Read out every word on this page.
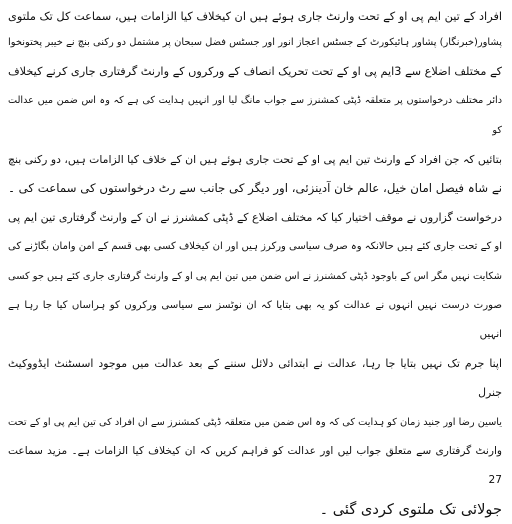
افراد کے تین ایم پی او کے تحت وارنٹ جاری ہوئے ہیں ان کیخلاف کیا الزامات ہیں، سماعت کل تک ملتوی
پشاور(خبرنگار) پشاور ہائیکورٹ کے جسٹس اعجاز انور اور جسٹس فضل سبحان پر مشتمل دو رکنی بنچ نے خیبر پختونخوا
کے مختلف اضلاع سے 3ایم پی او کے تحت تحریک انصاف کے ورکروں کے وارنٹ گرفتاری جاری کرنے کیخلاف
دائر مختلف درخواستوں پر متعلقہ ڈپٹی کمشنرز سے جواب مانگ لیا اور انہیں ہدایت کی ہے کہ وہ اس ضمن میں عدالت کو
بتائیں کہ جن افراد کے وارنٹ تین ایم پی او کے تحت جاری ہوئے ہیں ان کے خلاف کیا الزامات ہیں، دو رکنی بنچ
نے شاہ فیصل امان خیل، عالم خان آدینزئی، اور دیگر کی جانب سے رٹ درخواستوں کی سماعت کی ۔
درخواست گزاروں نے موقف اختیار کیا کہ مختلف اضلاع کے ڈپٹی کمشنرز نے ان کے وارنٹ گرفتاری تین ایم پی
او کے تحت جاری کئے ہیں حالانکہ وہ صرف سیاسی ورکرز ہیں اور ان کیخلاف کسی بھی قسم کے امن وامان بگاڑنے کی
شکایت نہیں مگر اس کے باوجود ڈپٹی کمشنرز نے اس ضمن میں تین ایم پی او کے وارنٹ گرفتاری جاری کئے ہیں جو کسی
صورت درست نہیں انہوں نے عدالت کو یہ بھی بتایا کہ ان نوٹسز سے سیاسی ورکروں کو ہراساں کیا جا رہا ہے انہیں
اپنا جرم تک نہیں بتایا جا رہا، عدالت نے ابتدائی دلائل سننے کے بعد عدالت میں موجود اسسٹنٹ ایڈووکیٹ جنرل
یاسین رضا اور جنید زمان کو ہدایت کی کہ وہ اس ضمن میں متعلقہ ڈپٹی کمشنرز سے ان افراد کی تین ایم پی او کے تحت
وارنٹ گرفتاری سے متعلق جواب لیں اور عدالت کو فراہم کریں کہ ان کیخلاف کیا الزامات ہے۔ مزید سماعت 27
جولائی تک ملتوی کردی گئی ۔
